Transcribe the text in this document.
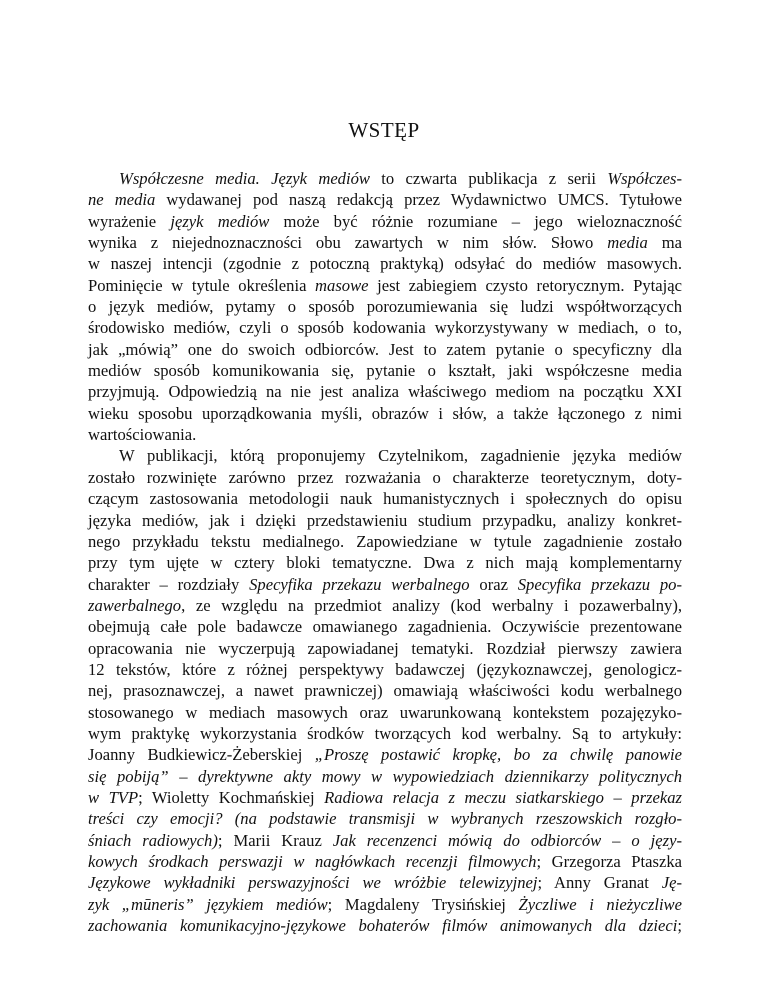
WSTĘP
Współczesne media. Język mediów to czwarta publikacja z serii Współczes-
ne media wydawanej pod naszą redakcją przez Wydawnictwo UMCS. Tytułowe
wyrażenie język mediów może być różnie rozumiane – jego wieloznaczność
wynika z niejednoznaczności obu zawartych w nim słów. Słowo media ma
w naszej intencji (zgodnie z potoczną praktyką) odsyłać do mediów masowych.
Pominięcie w tytule określenia masowe jest zabiegiem czysto retorycznym. Pytając
o język mediów, pytamy o sposób porozumiewania się ludzi współtworzących
środowisko mediów, czyli o sposób kodowania wykorzystywany w mediach, o to,
jak „mówią” one do swoich odbiorców. Jest to zatem pytanie o specyficzny dla
mediów sposób komunikowania się, pytanie o kształt, jaki współczesne media
przyjmują. Odpowiedzią na nie jest analiza właściwego mediom na początku XXI
wieku sposobu uporządkowania myśli, obrazów i słów, a także łączonego z nimi
wartościowania.
W publikacji, którą proponujemy Czytelnikom, zagadnienie języka mediów
zostało rozwinięte zarówno przez rozważania o charakterze teoretycznym, doty-
czącym zastosowania metodologii nauk humanistycznych i społecznych do opisu
języka mediów, jak i dzięki przedstawieniu studium przypadku, analizy konkret-
nego przykładu tekstu medialnego. Zapowiedziane w tytule zagadnienie zostało
przy tym ujęte w cztery bloki tematyczne. Dwa z nich mają komplementarny
charakter – rozdziały Specyfika przekazu werbalnego oraz Specyfika przekazu po-
zawerbalnego, ze względu na przedmiot analizy (kod werbalny i pozawerbalny),
obejmują całe pole badawcze omawianego zagadnienia. Oczywiście prezentowane
opracowania nie wyczerpują zapowiadanej tematyki. Rozdział pierwszy zawiera
12 tekstów, które z różnej perspektywy badawczej (językoznawczej, genologicz-
nej, prasoznawczej, a nawet prawniczej) omawiają właściwości kodu werbalnego
stosowanego w mediach masowych oraz uwarunkowaną kontekstem pozajęzyko-
wym praktykę wykorzystania środków tworzących kod werbalny. Są to artykuły:
Joanny Budkiewicz-Żeberskiej „Proszę postawić kropkę, bo za chwilę panowie
się pobiją” – dyrektywne akty mowy w wypowiedziach dziennikarzy politycznych
w TVP; Wioletty Kochmańskiej Radiowa relacja z meczu siatkarskiego – przekaz
treści czy emocji? (na podstawie transmisji w wybranych rzeszowskich rozgło-
śniach radiowych); Marii Krauz Jak recenzenci mówią do odbiorców – o języ-
kowych środkach perswazji w nagłówkach recenzji filmowych; Grzegorza Ptaszka
Językowe wykładniki perswazyjności we wróżbie telewizyjnej; Anny Granat Ję-
zyk „mūneris” językiem mediów; Magdaleny Trysińskiej Życzliwe i nieżyczliwe
zachowania komunikacyjno-językowe bohaterów filmów animowanych dla dzieci;
